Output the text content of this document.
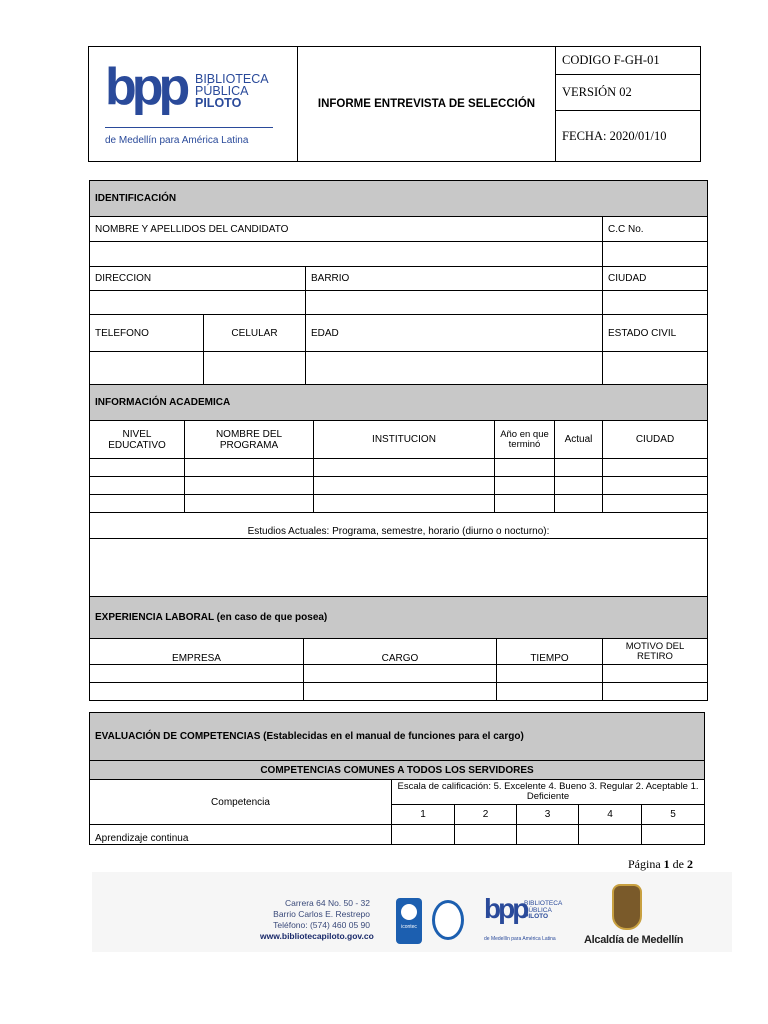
bpp BIBLIOTECA
PÚBLICA
PILOTO
de Medellín para América Latina
	INFORME ENTREVISTA DE SELECCIÓN	CODIGO F-GH-01
VERSIÓN 02
FECHA: 2020/01/10
IDENTIFICACIÓN									
NOMBRE Y APELLIDOS DEL CANDIDATO									C.C No.

DIRECCION				BARRIO					CIUDAD

TELEFONO		CELULAR		EDAD					ESTADO CIVIL

INFORMACIÓN ACADEMICA									
NIVEL EDUCATIVO	NOMBRE DEL PROGRAMA				INSTITUCION	Año en que terminó		Actual	CIUDAD

Estudios Actuales: Programa, semestre, horario (diurno o nocturno):									

EXPERIENCIA LABORAL (en caso de que posea)									
EMPRESA			CARGO				TIEMPO		MOTIVO DEL RETIRO

EVALUACIÓN DE COMPETENCIAS (Establecidas en el manual de funciones para el cargo)					
COMPETENCIAS COMUNES A TODOS LOS SERVIDORES					
Competencia	Escala de calificación: 5. Excelente 4. Bueno 3. Regular 2. Aceptable 1. Deficiente				
	1	2	3	4	5
Aprendizaje continua					
Página 1 de 2
Carrera 64 No. 50 - 32
Barrio Carlos E. Restrepo
Teléfono: (574) 460 05 90
www.bibliotecapiloto.gov.co
icontec
bpp
BIBLIOTECA
PÚBLICA
PILOTO
de Medellín para América Latina	Alcaldía de Medellín
